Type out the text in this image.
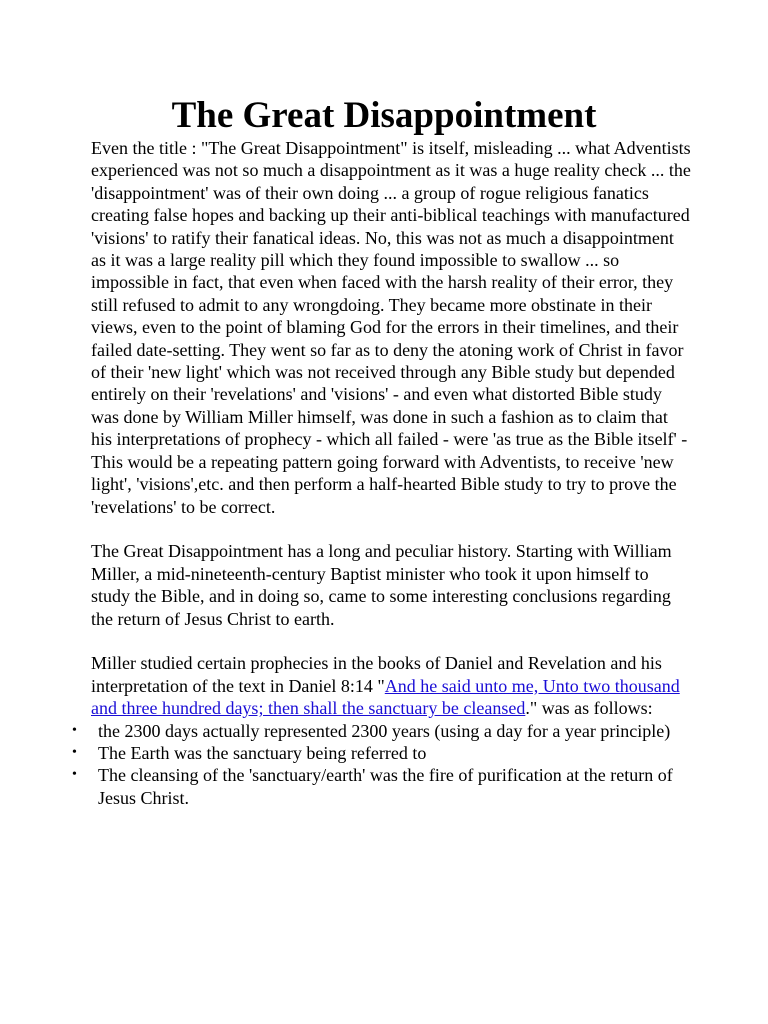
The Great Disappointment

Even the title : "The Great Disappointment" is itself, misleading ... what Adventists experienced was not so much a disappointment as it was a huge reality check ... the 'disappointment' was of their own doing ... a group of rogue religious fanatics creating false hopes and backing up their anti-biblical teachings with manufactured 'visions' to ratify their fanatical ideas. No, this was not as much a disappointment as it was a large reality pill which they found impossible to swallow ... so impossible in fact, that even when faced with the harsh reality of their error, they still refused to admit to any wrongdoing. They became more obstinate in their views, even to the point of blaming God for the errors in their timelines, and their failed date-setting. They went so far as to deny the atoning work of Christ in favor of their 'new light' which was not received through any Bible study but depended entirely on their 'revelations' and 'visions' - and even what distorted Bible study was done by William Miller himself, was done in such a fashion as to claim that his interpretations of prophecy - which all failed - were 'as true as the Bible itself' - This would be a repeating pattern going forward with Adventists, to receive 'new light', 'visions',etc. and then perform a half-hearted Bible study to try to prove the 'revelations' to be correct.

The Great Disappointment has a long and peculiar history. Starting with William Miller, a mid-nineteenth-century Baptist minister who took it upon himself to study the Bible, and in doing so, came to some interesting conclusions regarding the return of Jesus Christ to earth.

Miller studied certain prophecies in the books of Daniel and Revelation and his interpretation of the text in Daniel 8:14 "And he said unto me, Unto two thousand and three hundred days; then shall the sanctuary be cleansed." was as follows:

• the 2300 days actually represented 2300 years (using a day for a year principle)
• The Earth was the sanctuary being referred to
• The cleansing of the 'sanctuary/earth' was the fire of purification at the return of Jesus Christ.
